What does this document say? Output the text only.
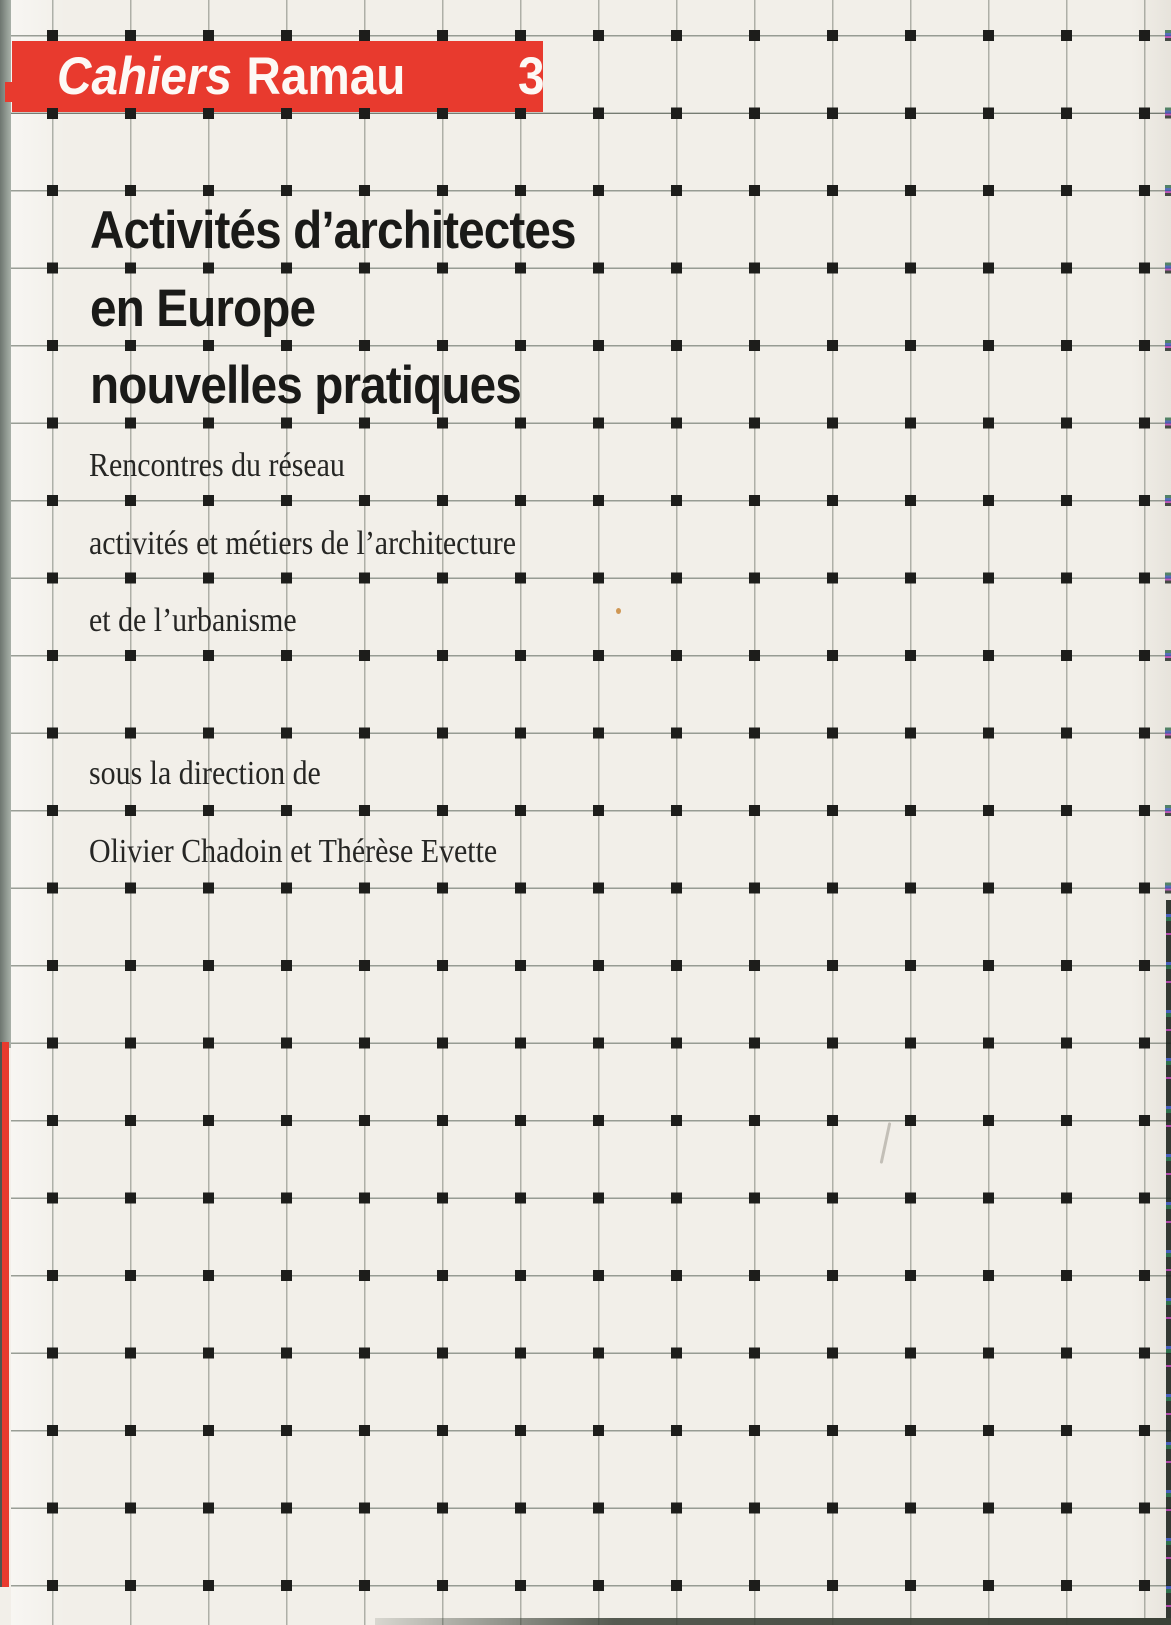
Cahiers Ramau 3
Activités d’architectes
en Europe
nouvelles pratiques
Rencontres du réseau
activités et métiers de l’architecture
et de l’urbanisme
sous la direction de
Olivier Chadoin et Thérèse Evette
